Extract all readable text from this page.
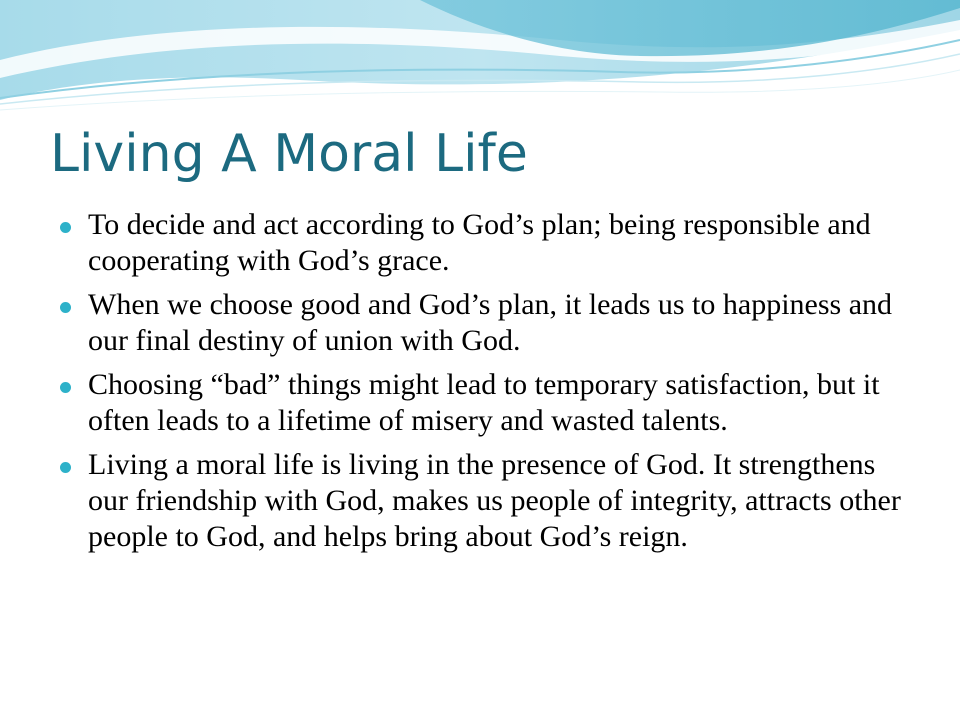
Living A Moral Life
To decide and act according to God’s plan; being responsible and cooperating with God’s grace.
When we choose good and God’s plan, it leads us to happiness and our final destiny of union with God.
Choosing “bad” things might lead to temporary satisfaction, but it often leads to a lifetime of misery and wasted talents.
Living a moral life is living in the presence of God. It strengthens our friendship with God, makes us people of integrity, attracts other people to God, and helps bring about God’s reign.
